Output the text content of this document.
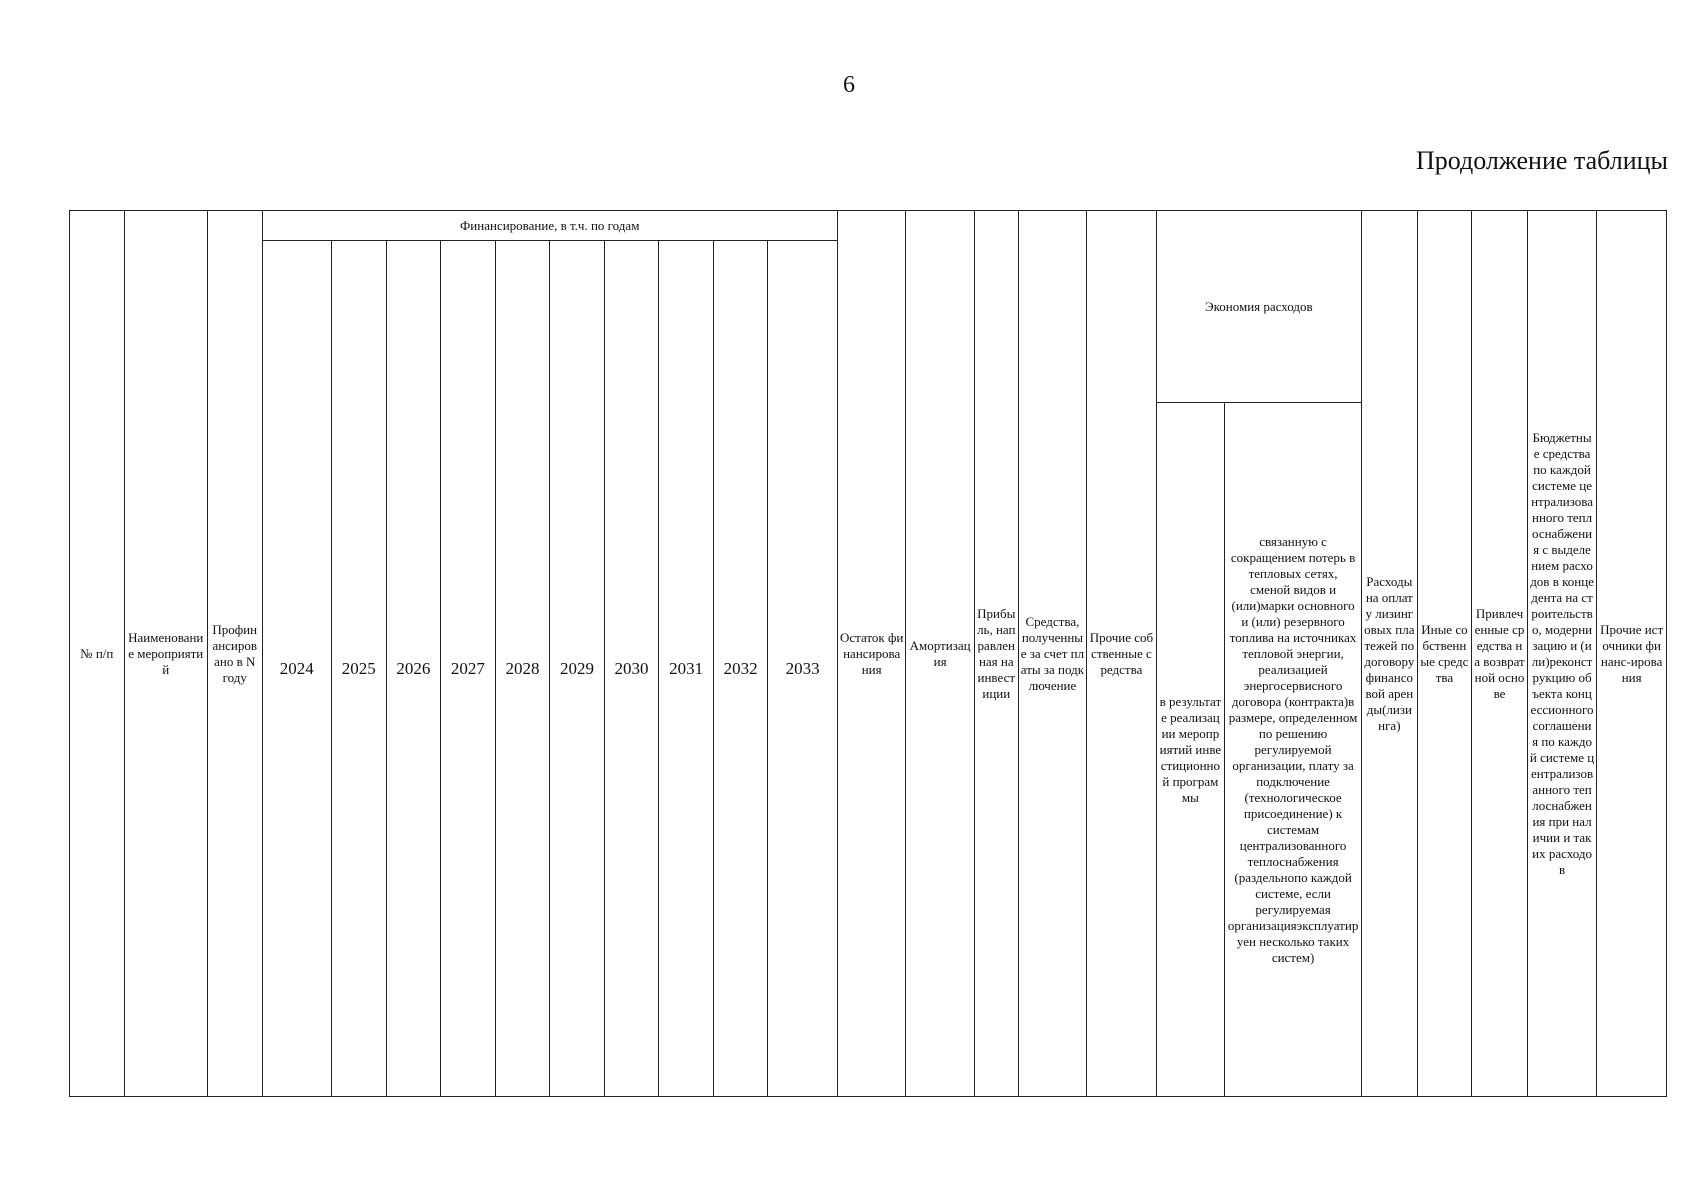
6
Продолжение таблицы
№ п/п	Наименование мероприятий	Профинансировано в N году	Финансирование, в т.ч. по годам										Остаток финансирования	Амортизация	Прибыль, направленная на инвестиции	Средства, полученные за счет платы за подключение	Прочие собственные средства	Экономия расходов		Расходы на оплату лизинговых платежей по договору финансовой аренды(лизинга)	Иные собственные средства	Привлеченные средства на возвратной основе	Бюджетные средства по каждой системе централизованного теплоснабжения с выделением расходов в концедента на строительство, модернизацию и (или)реконструкцию объекта концессионного соглашения по каждой системе централизованного теплоснабжения при наличии и таких расходов	Прочие источники финанс-ирования
			2024	2025	2026	2027	2028	2029	2030	2031	2032	2033												
																		в результате реализации мероприятий инвестиционной программы	связанную с сокращением потерь в тепловых сетях, сменой видов и (или)марки основного и (или) резервного топлива на источниках тепловой энергии, реализацией энергосервисного договора (контракта)в размере, определенном по решению регулируемой организации, плату за подключение (технологическое присоединение) к системам централизованного теплоснабжения (раздельнопо каждой системе, если регулируемая организацияэксплуатируен несколько таких систем)					
